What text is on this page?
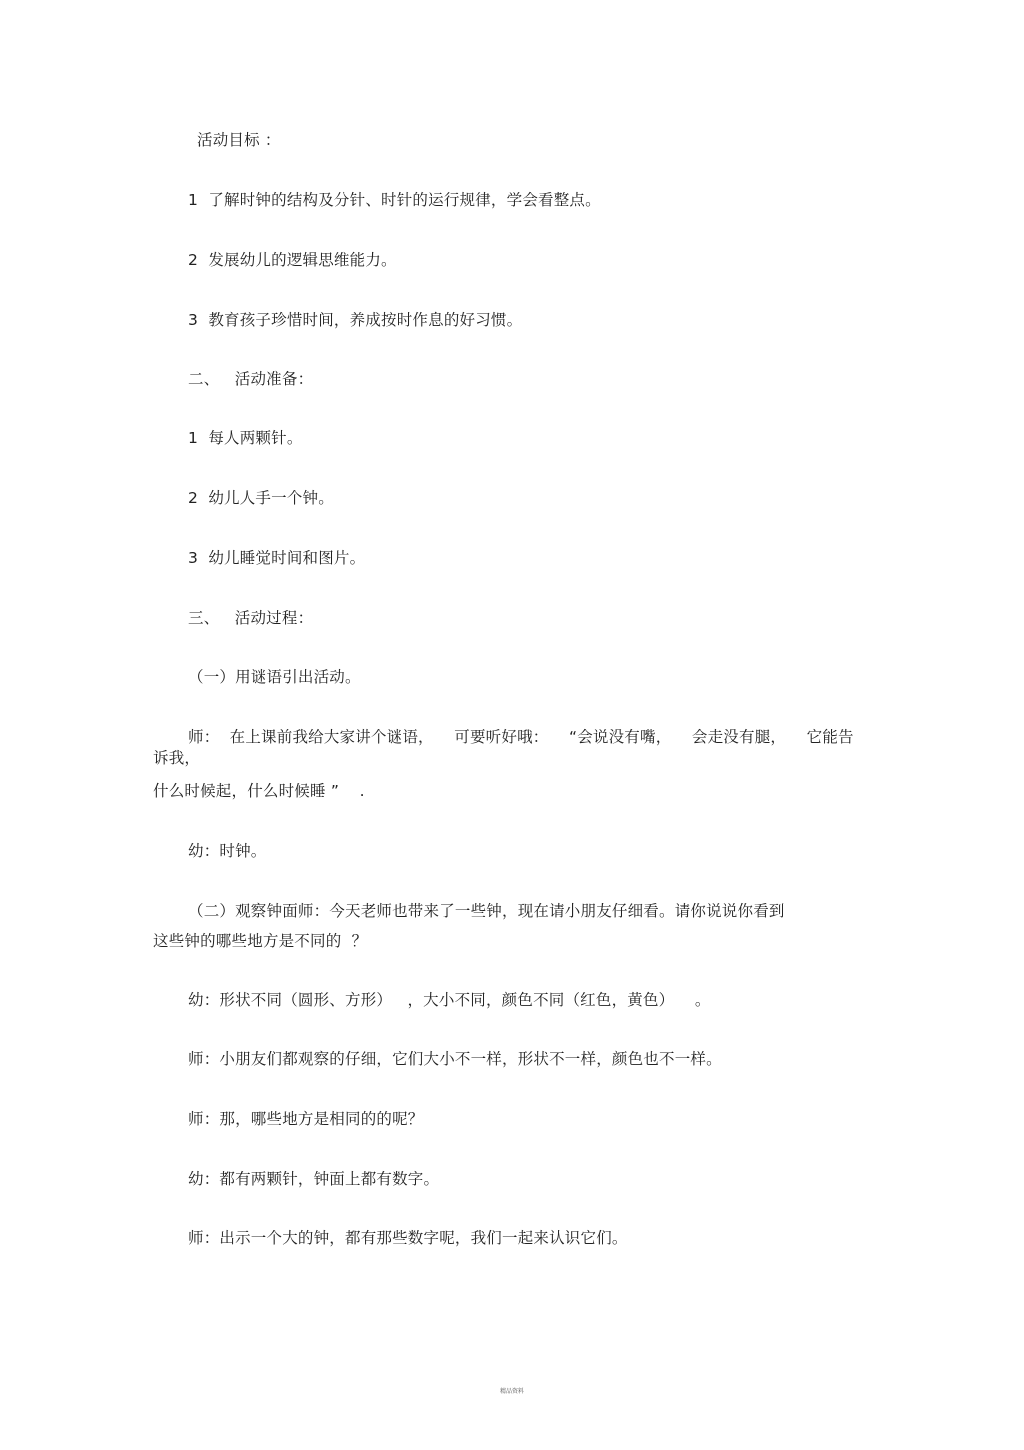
活动目标 ：
1  了解时钟的结构及分针、时针的运行规律，学会看整点。
2  发展幼儿的逻辑思维能力。
3  教育孩子珍惜时间，养成按时作息的好习惯。
二、   活动准备：
1  每人两颗针。
2  幼儿人手一个钟。
3  幼儿睡觉时间和图片。
三、   活动过程：
（一）用谜语引出活动。
师：  在上课前我给大家讲个谜语，    可要听好哦：    “会说没有嘴，    会走没有腿，    它能告
诉我，
什么时候起，什么时候睡 ”    .
幼：时钟。
（二）观察钟面师：今天老师也带来了一些钟，现在请小朋友仔细看。请你说说你看到
这些钟的哪些地方是不同的  ？
幼：形状不同（圆形、方形）   ，大小不同，颜色不同（红色，黄色）    。
师：小朋友们都观察的仔细，它们大小不一样，形状不一样，颜色也不一样。
师：那，哪些地方是相同的的呢？
幼：都有两颗针，钟面上都有数字。
师：出示一个大的钟，都有那些数字呢，我们一起来认识它们。
精品资料
